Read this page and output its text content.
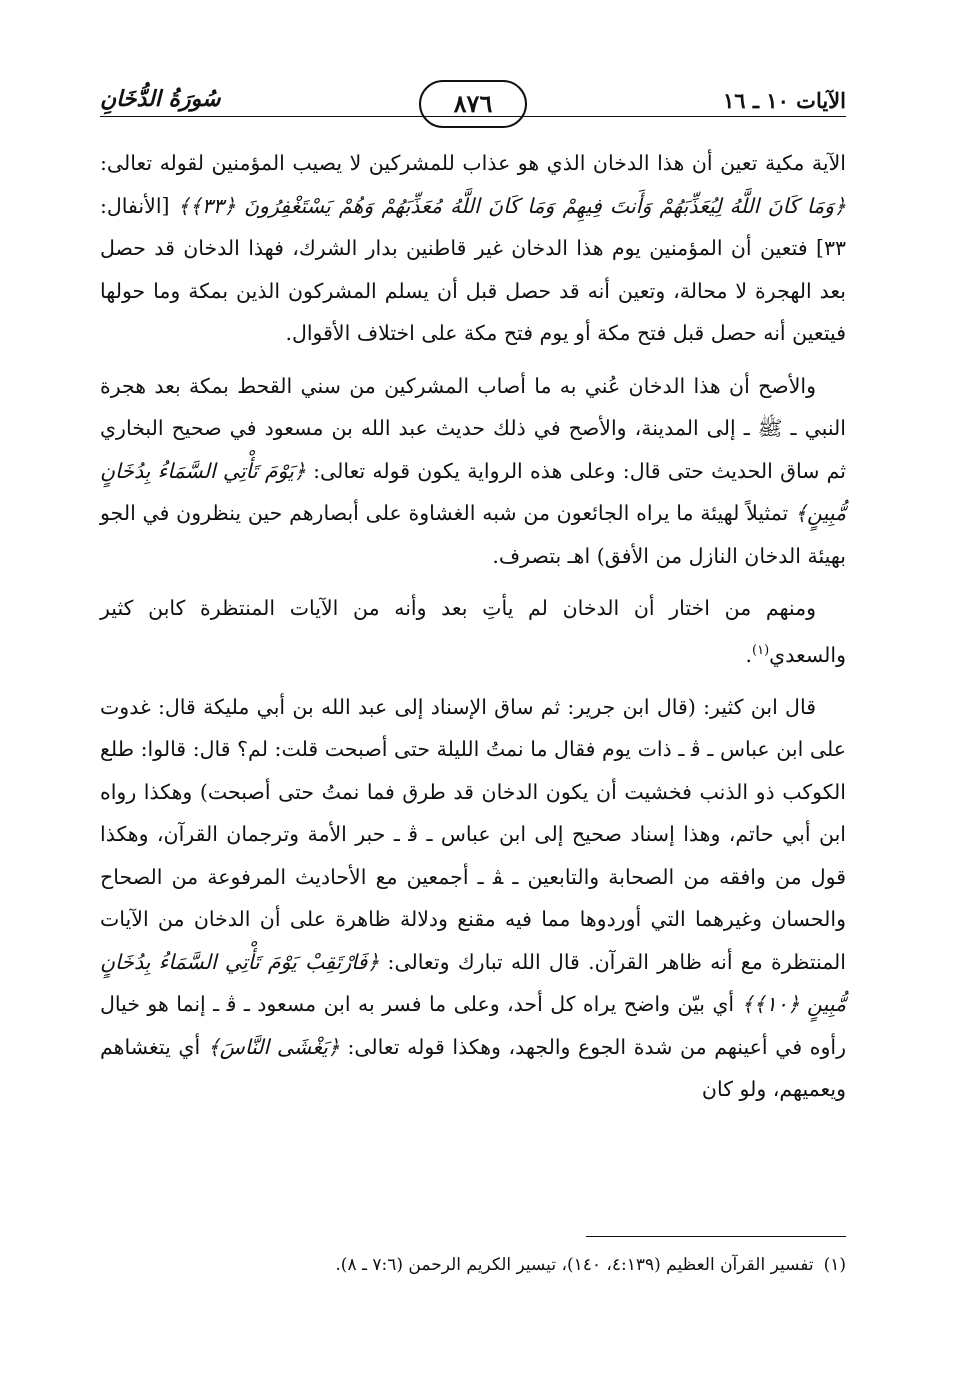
الآيات ١٠ ـ ١٦
٨٧٦
سُورَةُ الدُّخَانِ

الآية مكية تعين أن هذا الدخان الذي هو عذاب للمشركين لا يصيب المؤمنين لقوله تعالى: ﴿وَمَا كَانَ اللَّهُ لِيُعَذِّبَهُمْ وَأَنتَ فِيهِمْ وَمَا كَانَ اللَّهُ مُعَذِّبَهُمْ وَهُمْ يَسْتَغْفِرُونَ ﴿٣٣﴾﴾ [الأنفال: ٣٣] فتعين أن المؤمنين يوم هذا الدخان غير قاطنين بدار الشرك، فهذا الدخان قد حصل بعد الهجرة لا محالة، وتعين أنه قد حصل قبل أن يسلم المشركون الذين بمكة وما حولها فيتعين أنه حصل قبل فتح مكة أو يوم فتح مكة على اختلاف الأقوال.

والأصح أن هذا الدخان عُني به ما أصاب المشركين من سني القحط بمكة بعد هجرة النبي ـ ﷺ ـ إلى المدينة، والأصح في ذلك حديث عبد الله بن مسعود في صحيح البخاري ثم ساق الحديث حتى قال: وعلى هذه الرواية يكون قوله تعالى: ﴿يَوْمَ تَأْتِي السَّمَاءُ بِدُخَانٍ مُّبِينٍ﴾ تمثيلاً لهيئة ما يراه الجائعون من شبه الغشاوة على أبصارهم حين ينظرون في الجو بهيئة الدخان النازل من الأفق) اهـ بتصرف.

ومنهم من اختار أن الدخان لم يأتِ بعد وأنه من الآيات المنتظرة كابن كثير والسعدي$^{(١)}$.

قال ابن كثير: (قال ابن جرير: ثم ساق الإسناد إلى عبد الله بن أبي مليكة قال: غدوت على ابن عباس ـ ﭬ ـ ذات يوم فقال ما نمتُ الليلة حتى أصبحت قلت: لم؟ قال: قالوا: طلع الكوكب ذو الذنب فخشيت أن يكون الدخان قد طرق فما نمتُ حتى أصبحت) وهكذا رواه ابن أبي حاتم، وهذا إسناد صحيح إلى ابن عباس ـ ﭬ ـ حبر الأمة وترجمان القرآن، وهكذا قول من وافقه من الصحابة والتابعين ـ ﭭ ـ أجمعين مع الأحاديث المرفوعة من الصحاح والحسان وغيرهما التي أوردوها مما فيه مقنع ودلالة ظاهرة على أن الدخان من الآيات المنتظرة مع أنه ظاهر القرآن. قال الله تبارك وتعالى: ﴿فَارْتَقِبْ يَوْمَ تَأْتِي السَّمَاءُ بِدُخَانٍ مُّبِينٍ ﴿١٠﴾﴾ أي بيّن واضح يراه كل أحد، وعلى ما فسر به ابن مسعود ـ ﭬ ـ إنما هو خيال رأوه في أعينهم من شدة الجوع والجهد، وهكذا قوله تعالى: ﴿يَغْشَى النَّاسَ﴾ أي يتغشاهم ويعميهم، ولو كان

(١)تفسير القرآن العظيم (٤:١٣٩، ١٤٠)، تيسير الكريم الرحمن (٧:٦ ـ ٨).
